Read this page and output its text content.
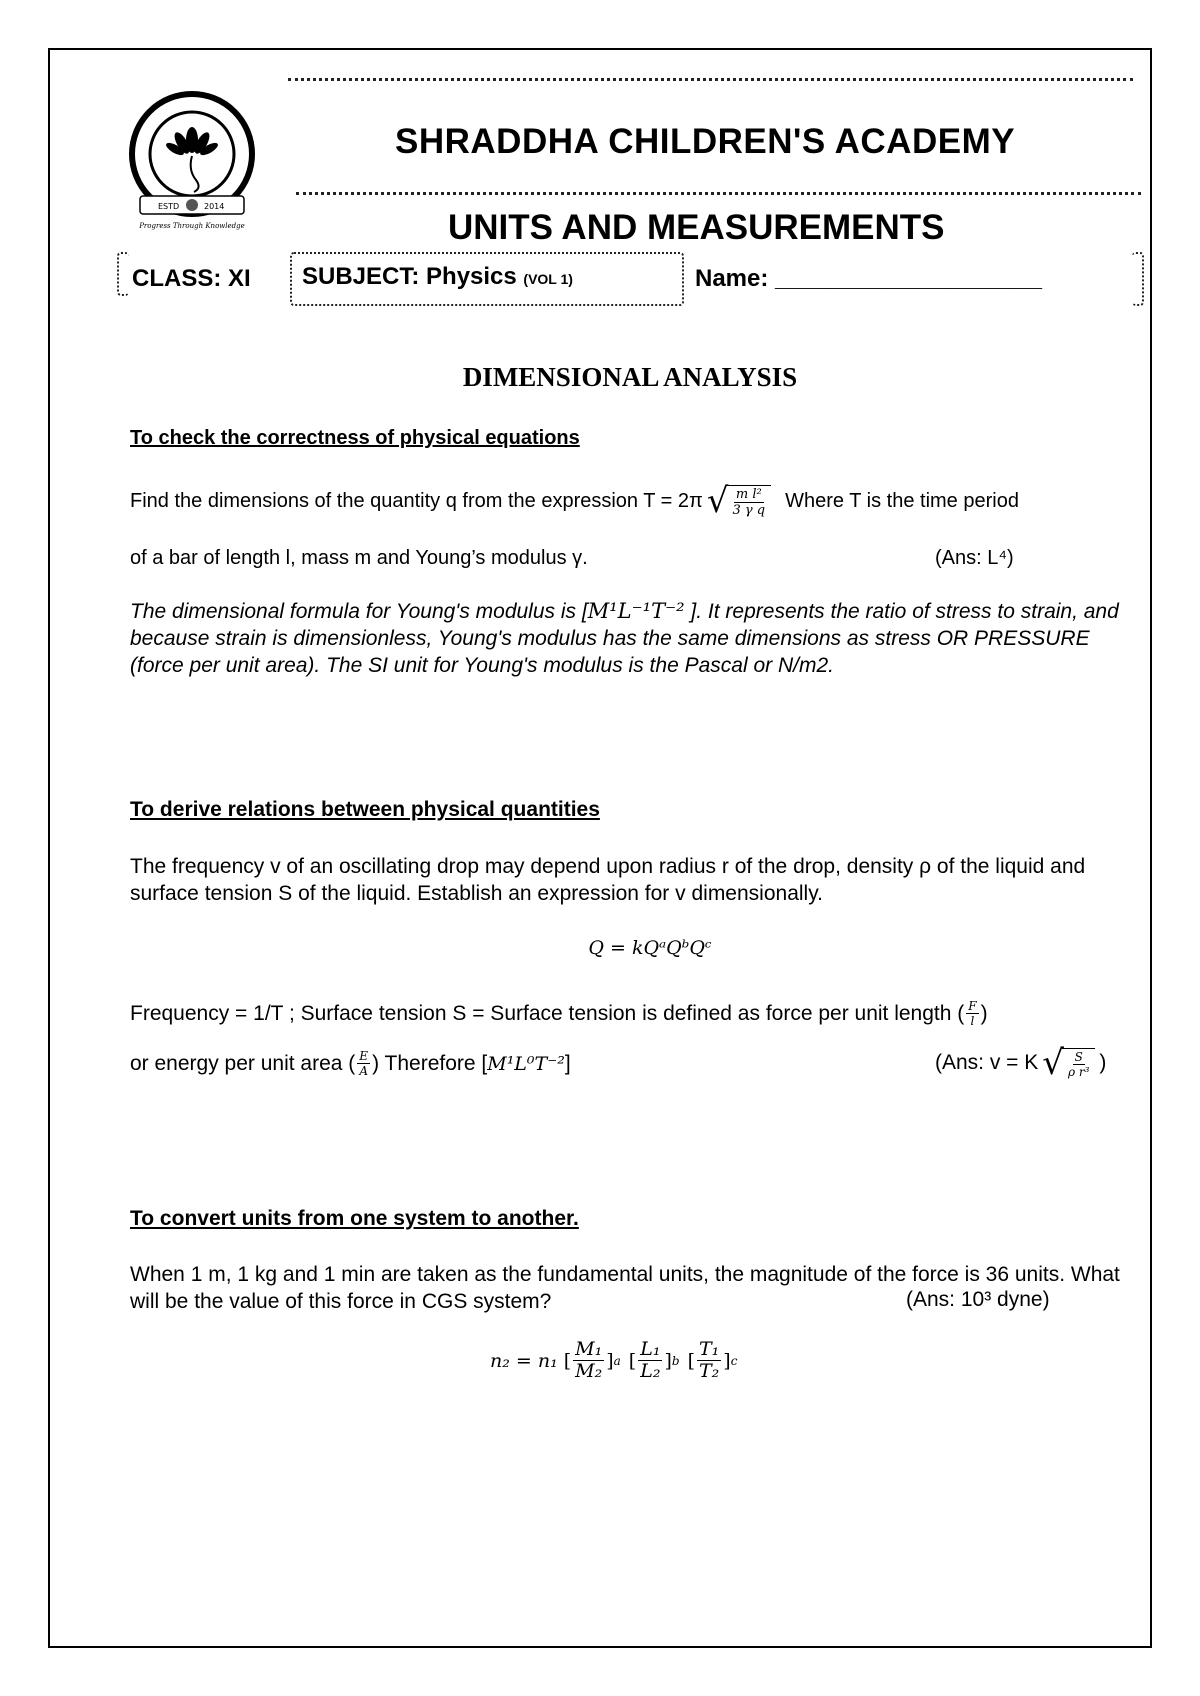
ESTD	2014
Progress Through Knowledge
SHRADDHA CHILDREN'S ACADEMY
UNITS AND MEASUREMENTS
CLASS: XI SUBJECT: Physics (VOL 1)	Name: ____________________
DIMENSIONAL ANALYSIS
To check the correctness of physical equations
Find the dimensions of the quantity q from the expression T = 2π √ $\frac{\text{m l²}}{\text{3 γ q}}$ Where T is the time period
of a bar of length l, mass m and Young’s modulus γ.	(Ans: L⁴)
The dimensional formula for Young's modulus is [M¹L⁻¹T⁻² ]. It represents the ratio of stress to strain, and because strain is dimensionless, Young's modulus has the same dimensions as stress OR PRESSURE (force per unit area). The SI unit for Young's modulus is the Pascal or N/m2.
To derive relations between physical quantities
The frequency v of an oscillating drop may depend upon radius r of the drop, density ρ of the liquid and surface tension S of the liquid. Establish an expression for v dimensionally.
Q = kQᵃQᵇQᶜ
Frequency = 1/T ; Surface tension S = Surface tension is defined as force per unit length ( $\frac{F}{l}$ )
or energy per unit area ( $\frac{E}{A}$ ) Therefore [ M¹L⁰T⁻² ]	(Ans: v = K √ $\frac{S}{\text{ρ r³}}$ )
To convert units from one system to another.
When 1 m, 1 kg and 1 min are taken as the fundamental units, the magnitude of the force is 36 units. What will be the value of this force in CGS system?	(Ans: 10³ dyne)
n₂ = n₁ [ $\frac{\text{M₁}}{\text{M₂}}$ ] a [ $\frac{\text{L₁}}{\text{L₂}}$ ] b [ $\frac{\text{T₁}}{\text{T₂}}$ ] c
